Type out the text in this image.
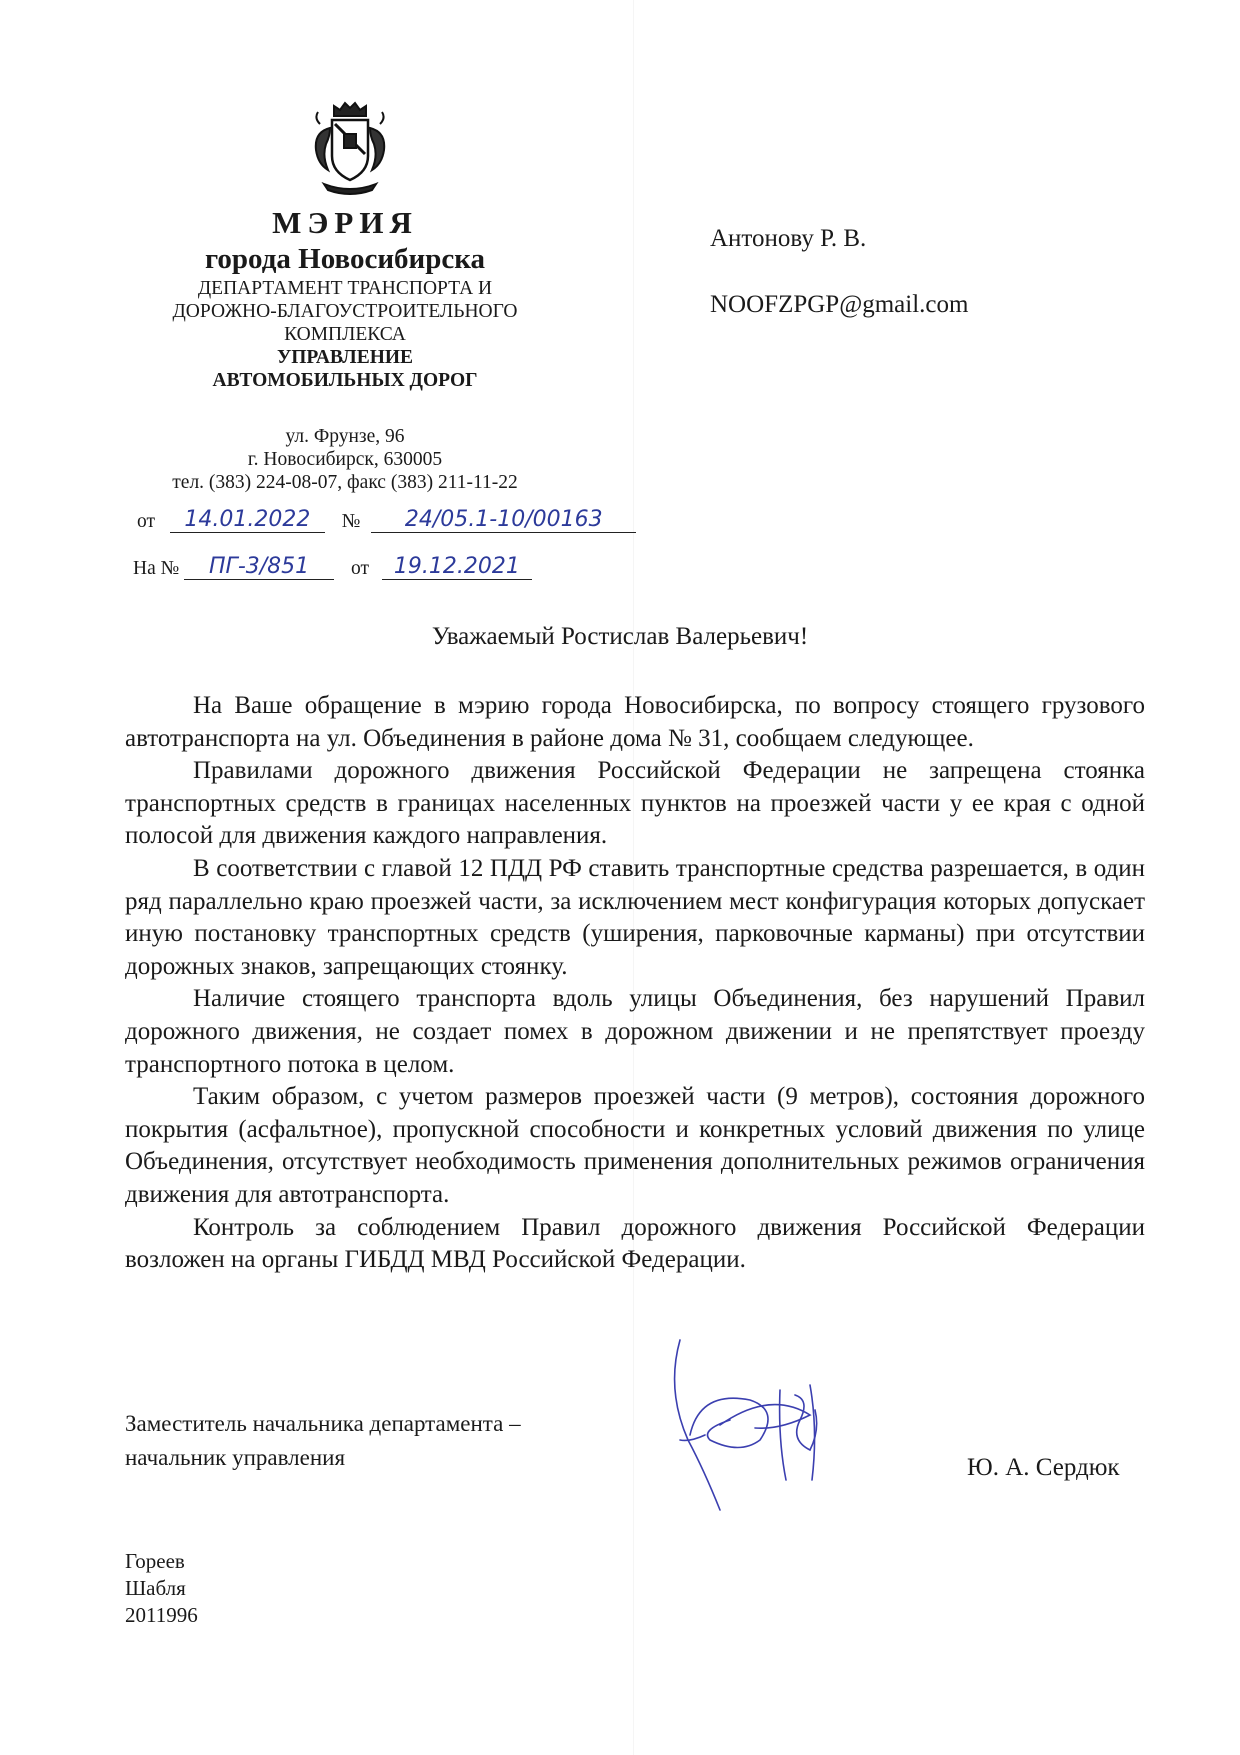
МЭРИЯ
города Новосибирска
ДЕПАРТАМЕНТ ТРАНСПОРТА И
ДОРОЖНО-БЛАГОУСТРОИТЕЛЬНОГО
КОМПЛЕКСА
УПРАВЛЕНИЕ
АВТОМОБИЛЬНЫХ ДОРОГ
ул. Фрунзе, 96
г. Новосибирск, 630005
тел. (383) 224-08-07, факс (383) 211-11-22
от 14.01.2022 № 24/05.1-10/00163
На № ПГ-3/851 от 19.12.2021
Антонову Р. В.
NOOFZPGP@gmail.com
Уважаемый Ростислав Валерьевич!

На Ваше обращение в мэрию города Новосибирска, по вопросу стоящего грузового автотранспорта на ул. Объединения в районе дома № 31, сообщаем следующее.

Правилами дорожного движения Российской Федерации не запрещена стоянка транспортных средств в границах населенных пунктов на проезжей части у ее края с одной полосой для движения каждого направления.

В соответствии с главой 12 ПДД РФ ставить транспортные средства разрешается, в один ряд параллельно краю проезжей части, за исключением мест конфигурация которых допускает иную постановку транспортных средств (уширения, парковочные карманы) при отсутствии дорожных знаков, запрещающих стоянку.

Наличие стоящего транспорта вдоль улицы Объединения, без нарушений Правил дорожного движения, не создает помех в дорожном движении и не препятствует проезду транспортного потока в целом.

Таким образом, с учетом размеров проезжей части (9 метров), состояния дорожного покрытия (асфальтное), пропускной способности и конкретных условий движения по улице Объединения, отсутствует необходимость применения дополнительных режимов ограничения движения для автотранспорта.

Контроль за соблюдением Правил дорожного движения Российской Федерации возложен на органы ГИБДД МВД Российской Федерации.

Заместитель начальника департамента –
начальник управления	Ю. А. Сердюк
Гореев
Шабля
2011996
